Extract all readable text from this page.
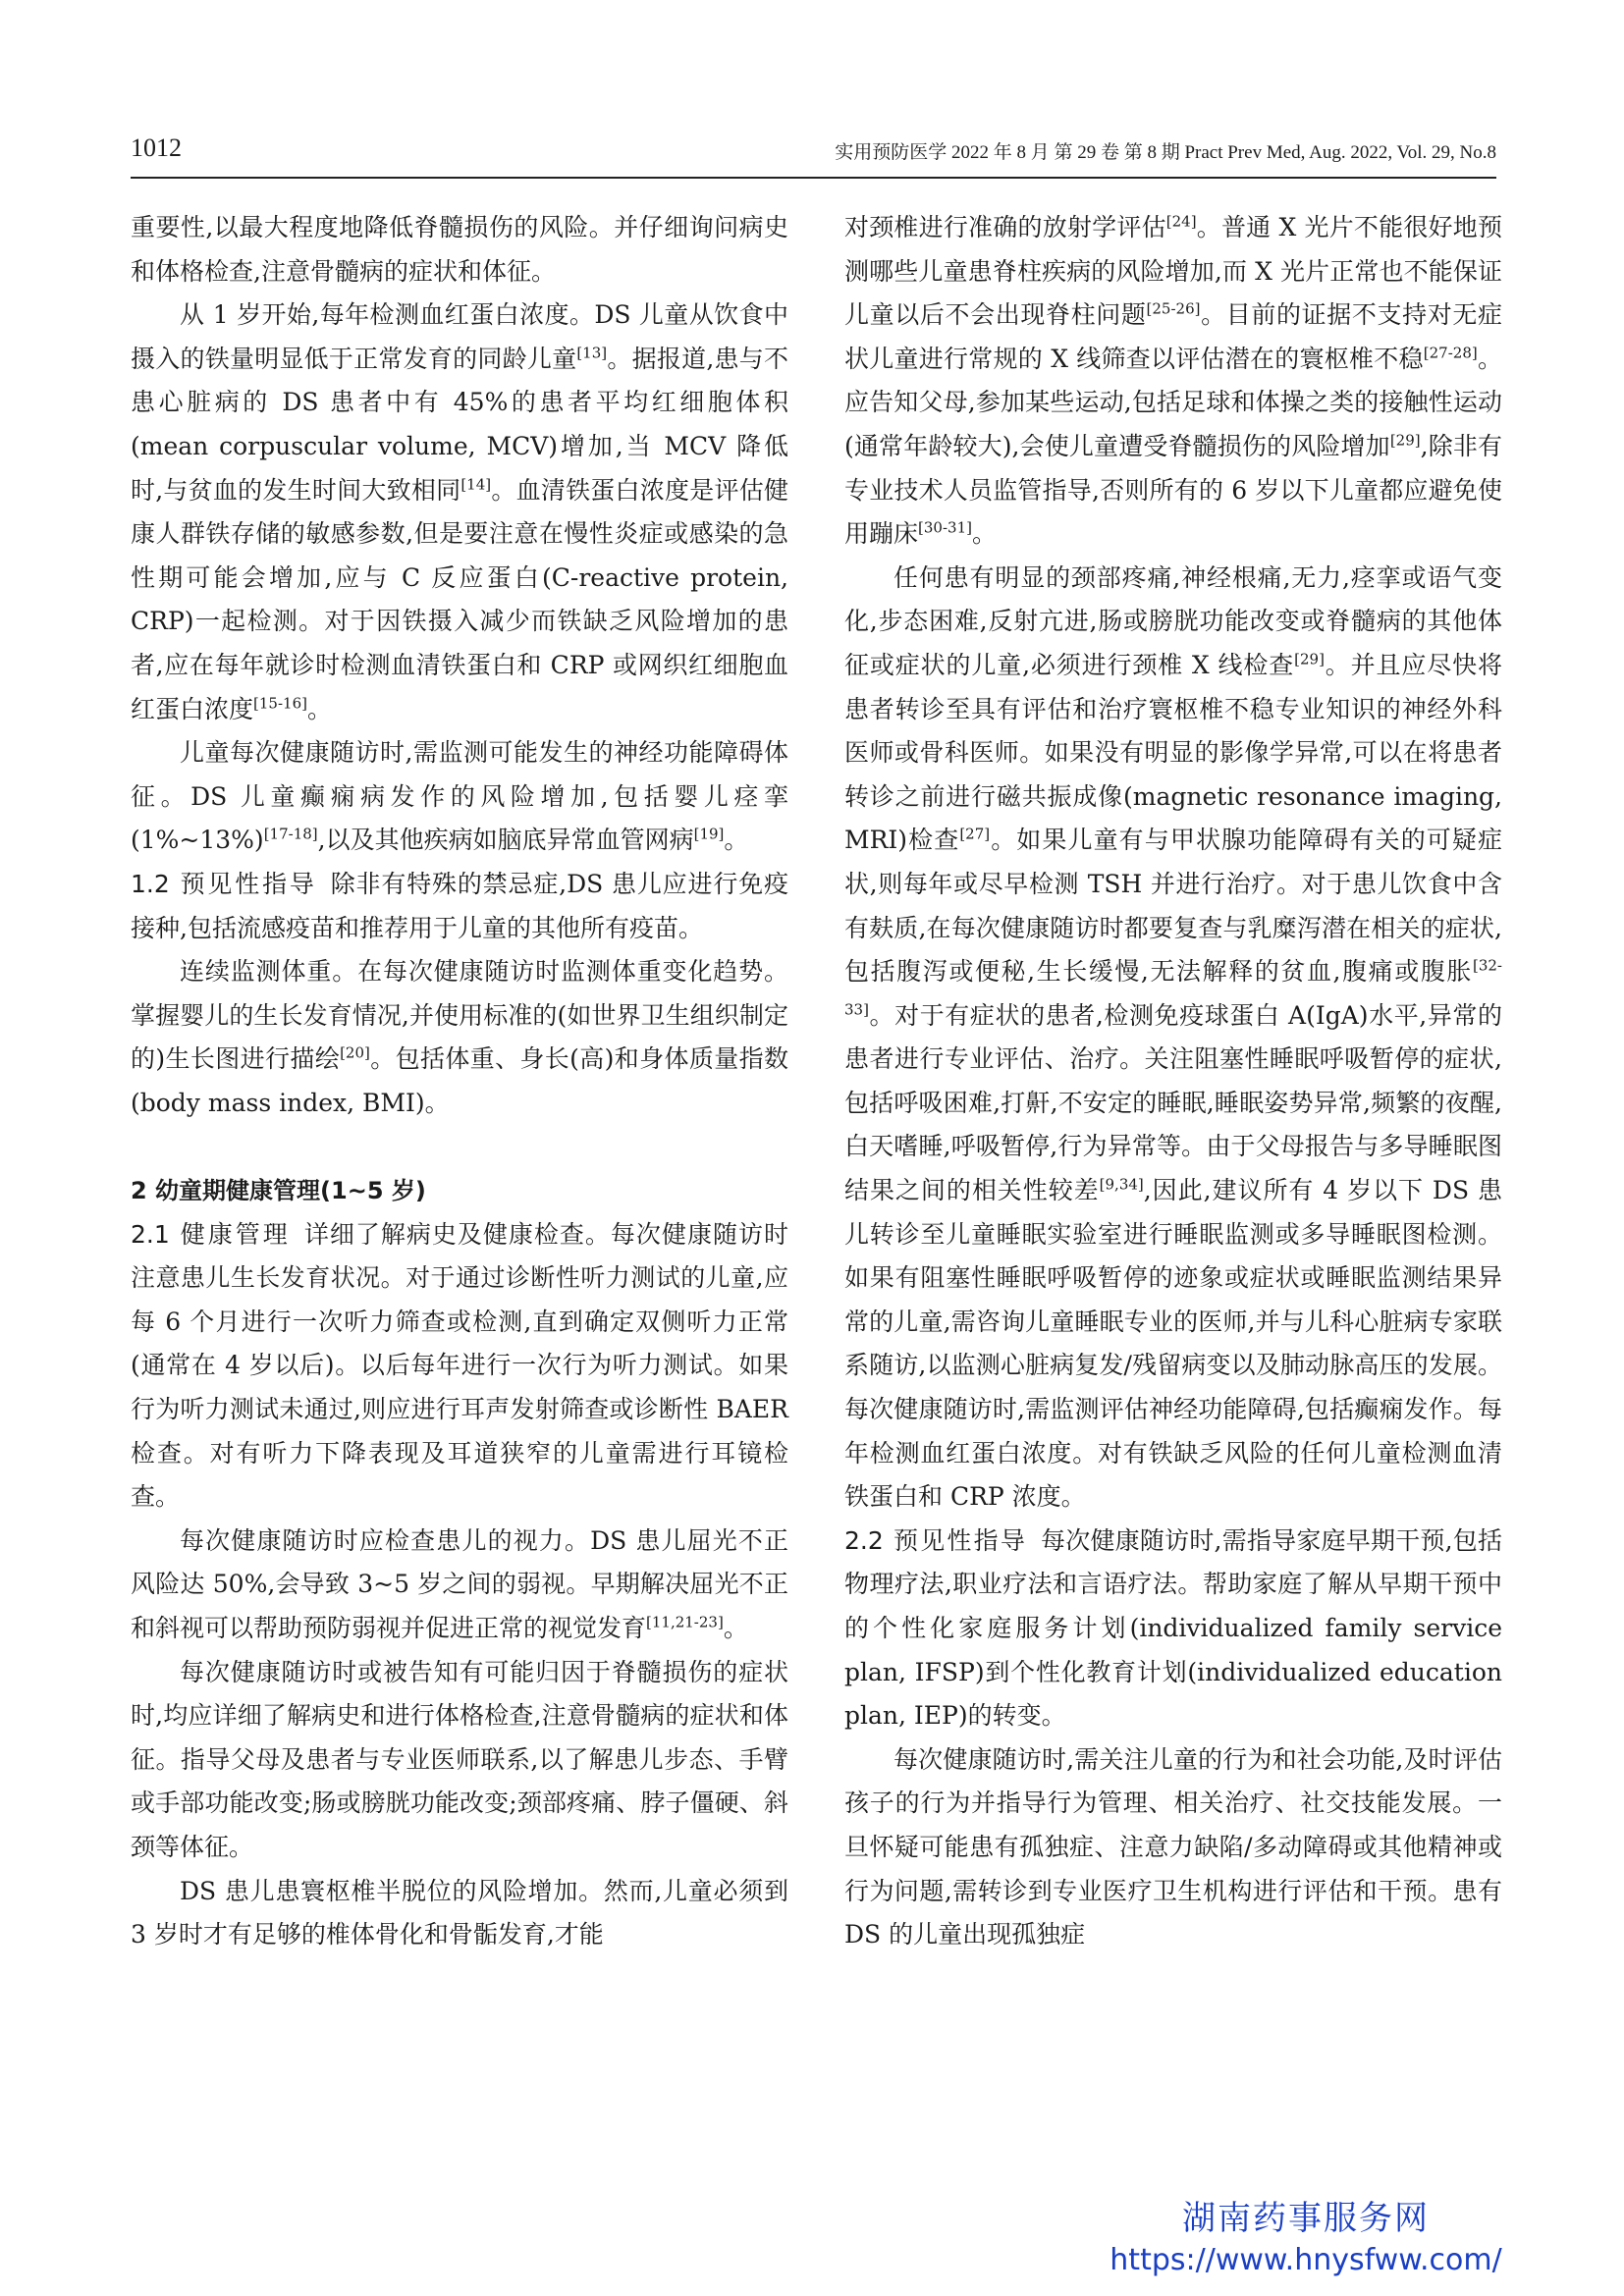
1012	实用预防医学 2022 年 8 月 第 29 卷 第 8 期 Pract Prev Med, Aug. 2022, Vol. 29, No.8

重要性,以最大程度地降低脊髓损伤的风险。并仔细询问病史和体格检查,注意骨髓病的症状和体征。

从 1 岁开始,每年检测血红蛋白浓度。DS 儿童从饮食中摄入的铁量明显低于正常发育的同龄儿童[13]。据报道,患与不患心脏病的 DS 患者中有 45%的患者平均红细胞体积(mean corpuscular volume, MCV)增加,当 MCV 降低时,与贫血的发生时间大致相同[14]。血清铁蛋白浓度是评估健康人群铁存储的敏感参数,但是要注意在慢性炎症或感染的急性期可能会增加,应与 C 反应蛋白(C-reactive protein, CRP)一起检测。对于因铁摄入减少而铁缺乏风险增加的患者,应在每年就诊时检测血清铁蛋白和 CRP 或网织红细胞血红蛋白浓度[15-16]。

儿童每次健康随访时,需监测可能发生的神经功能障碍体征。DS 儿童癫痫病发作的风险增加,包括婴儿痉挛(1%~13%)[17-18],以及其他疾病如脑底异常血管网病[19]。

1.2 预见性指导 除非有特殊的禁忌症,DS 患儿应进行免疫接种,包括流感疫苗和推荐用于儿童的其他所有疫苗。

连续监测体重。在每次健康随访时监测体重变化趋势。掌握婴儿的生长发育情况,并使用标准的(如世界卫生组织制定的)生长图进行描绘[20]。包括体重、身长(高)和身体质量指数(body mass index, BMI)。

2 幼童期健康管理(1~5 岁)

2.1 健康管理 详细了解病史及健康检查。每次健康随访时注意患儿生长发育状况。对于通过诊断性听力测试的儿童,应每 6 个月进行一次听力筛查或检测,直到确定双侧听力正常(通常在 4 岁以后)。以后每年进行一次行为听力测试。如果行为听力测试未通过,则应进行耳声发射筛查或诊断性 BAER 检查。对有听力下降表现及耳道狭窄的儿童需进行耳镜检查。

每次健康随访时应检查患儿的视力。DS 患儿屈光不正风险达 50%,会导致 3~5 岁之间的弱视。早期解决屈光不正和斜视可以帮助预防弱视并促进正常的视觉发育[11,21-23]。

每次健康随访时或被告知有可能归因于脊髓损伤的症状时,均应详细了解病史和进行体格检查,注意骨髓病的症状和体征。指导父母及患者与专业医师联系,以了解患儿步态、手臂或手部功能改变;肠或膀胱功能改变;颈部疼痛、脖子僵硬、斜颈等体征。

DS 患儿患寰枢椎半脱位的风险增加。然而,儿童必须到 3 岁时才有足够的椎体骨化和骨骺发育,才能

对颈椎进行准确的放射学评估[24]。普通 X 光片不能很好地预测哪些儿童患脊柱疾病的风险增加,而 X 光片正常也不能保证儿童以后不会出现脊柱问题[25-26]。目前的证据不支持对无症状儿童进行常规的 X 线筛查以评估潜在的寰枢椎不稳[27-28]。应告知父母,参加某些运动,包括足球和体操之类的接触性运动(通常年龄较大),会使儿童遭受脊髓损伤的风险增加[29],除非有专业技术人员监管指导,否则所有的 6 岁以下儿童都应避免使用蹦床[30-31]。

任何患有明显的颈部疼痛,神经根痛,无力,痉挛或语气变化,步态困难,反射亢进,肠或膀胱功能改变或脊髓病的其他体征或症状的儿童,必须进行颈椎 X 线检查[29]。并且应尽快将患者转诊至具有评估和治疗寰枢椎不稳专业知识的神经外科医师或骨科医师。如果没有明显的影像学异常,可以在将患者转诊之前进行磁共振成像(magnetic resonance imaging, MRI)检查[27]。如果儿童有与甲状腺功能障碍有关的可疑症状,则每年或尽早检测 TSH 并进行治疗。对于患儿饮食中含有麸质,在每次健康随访时都要复查与乳糜泻潜在相关的症状,包括腹泻或便秘,生长缓慢,无法解释的贫血,腹痛或腹胀[32-33]。对于有症状的患者,检测免疫球蛋白 A(IgA)水平,异常的患者进行专业评估、治疗。关注阻塞性睡眠呼吸暂停的症状,包括呼吸困难,打鼾,不安定的睡眠,睡眠姿势异常,频繁的夜醒,白天嗜睡,呼吸暂停,行为异常等。由于父母报告与多导睡眠图结果之间的相关性较差[9,34],因此,建议所有 4 岁以下 DS 患儿转诊至儿童睡眠实验室进行睡眠监测或多导睡眠图检测。如果有阻塞性睡眠呼吸暂停的迹象或症状或睡眠监测结果异常的儿童,需咨询儿童睡眠专业的医师,并与儿科心脏病专家联系随访,以监测心脏病复发/残留病变以及肺动脉高压的发展。每次健康随访时,需监测评估神经功能障碍,包括癫痫发作。每年检测血红蛋白浓度。对有铁缺乏风险的任何儿童检测血清铁蛋白和 CRP 浓度。

2.2 预见性指导 每次健康随访时,需指导家庭早期干预,包括物理疗法,职业疗法和言语疗法。帮助家庭了解从早期干预中的个性化家庭服务计划(individualized family service plan, IFSP)到个性化教育计划(individualized education plan, IEP)的转变。

每次健康随访时,需关注儿童的行为和社会功能,及时评估孩子的行为并指导行为管理、相关治疗、社交技能发展。一旦怀疑可能患有孤独症、注意力缺陷/多动障碍或其他精神或行为问题,需转诊到专业医疗卫生机构进行评估和干预。患有 DS 的儿童出现孤独症

湖南药事服务网
https://www.hnysfww.com/
